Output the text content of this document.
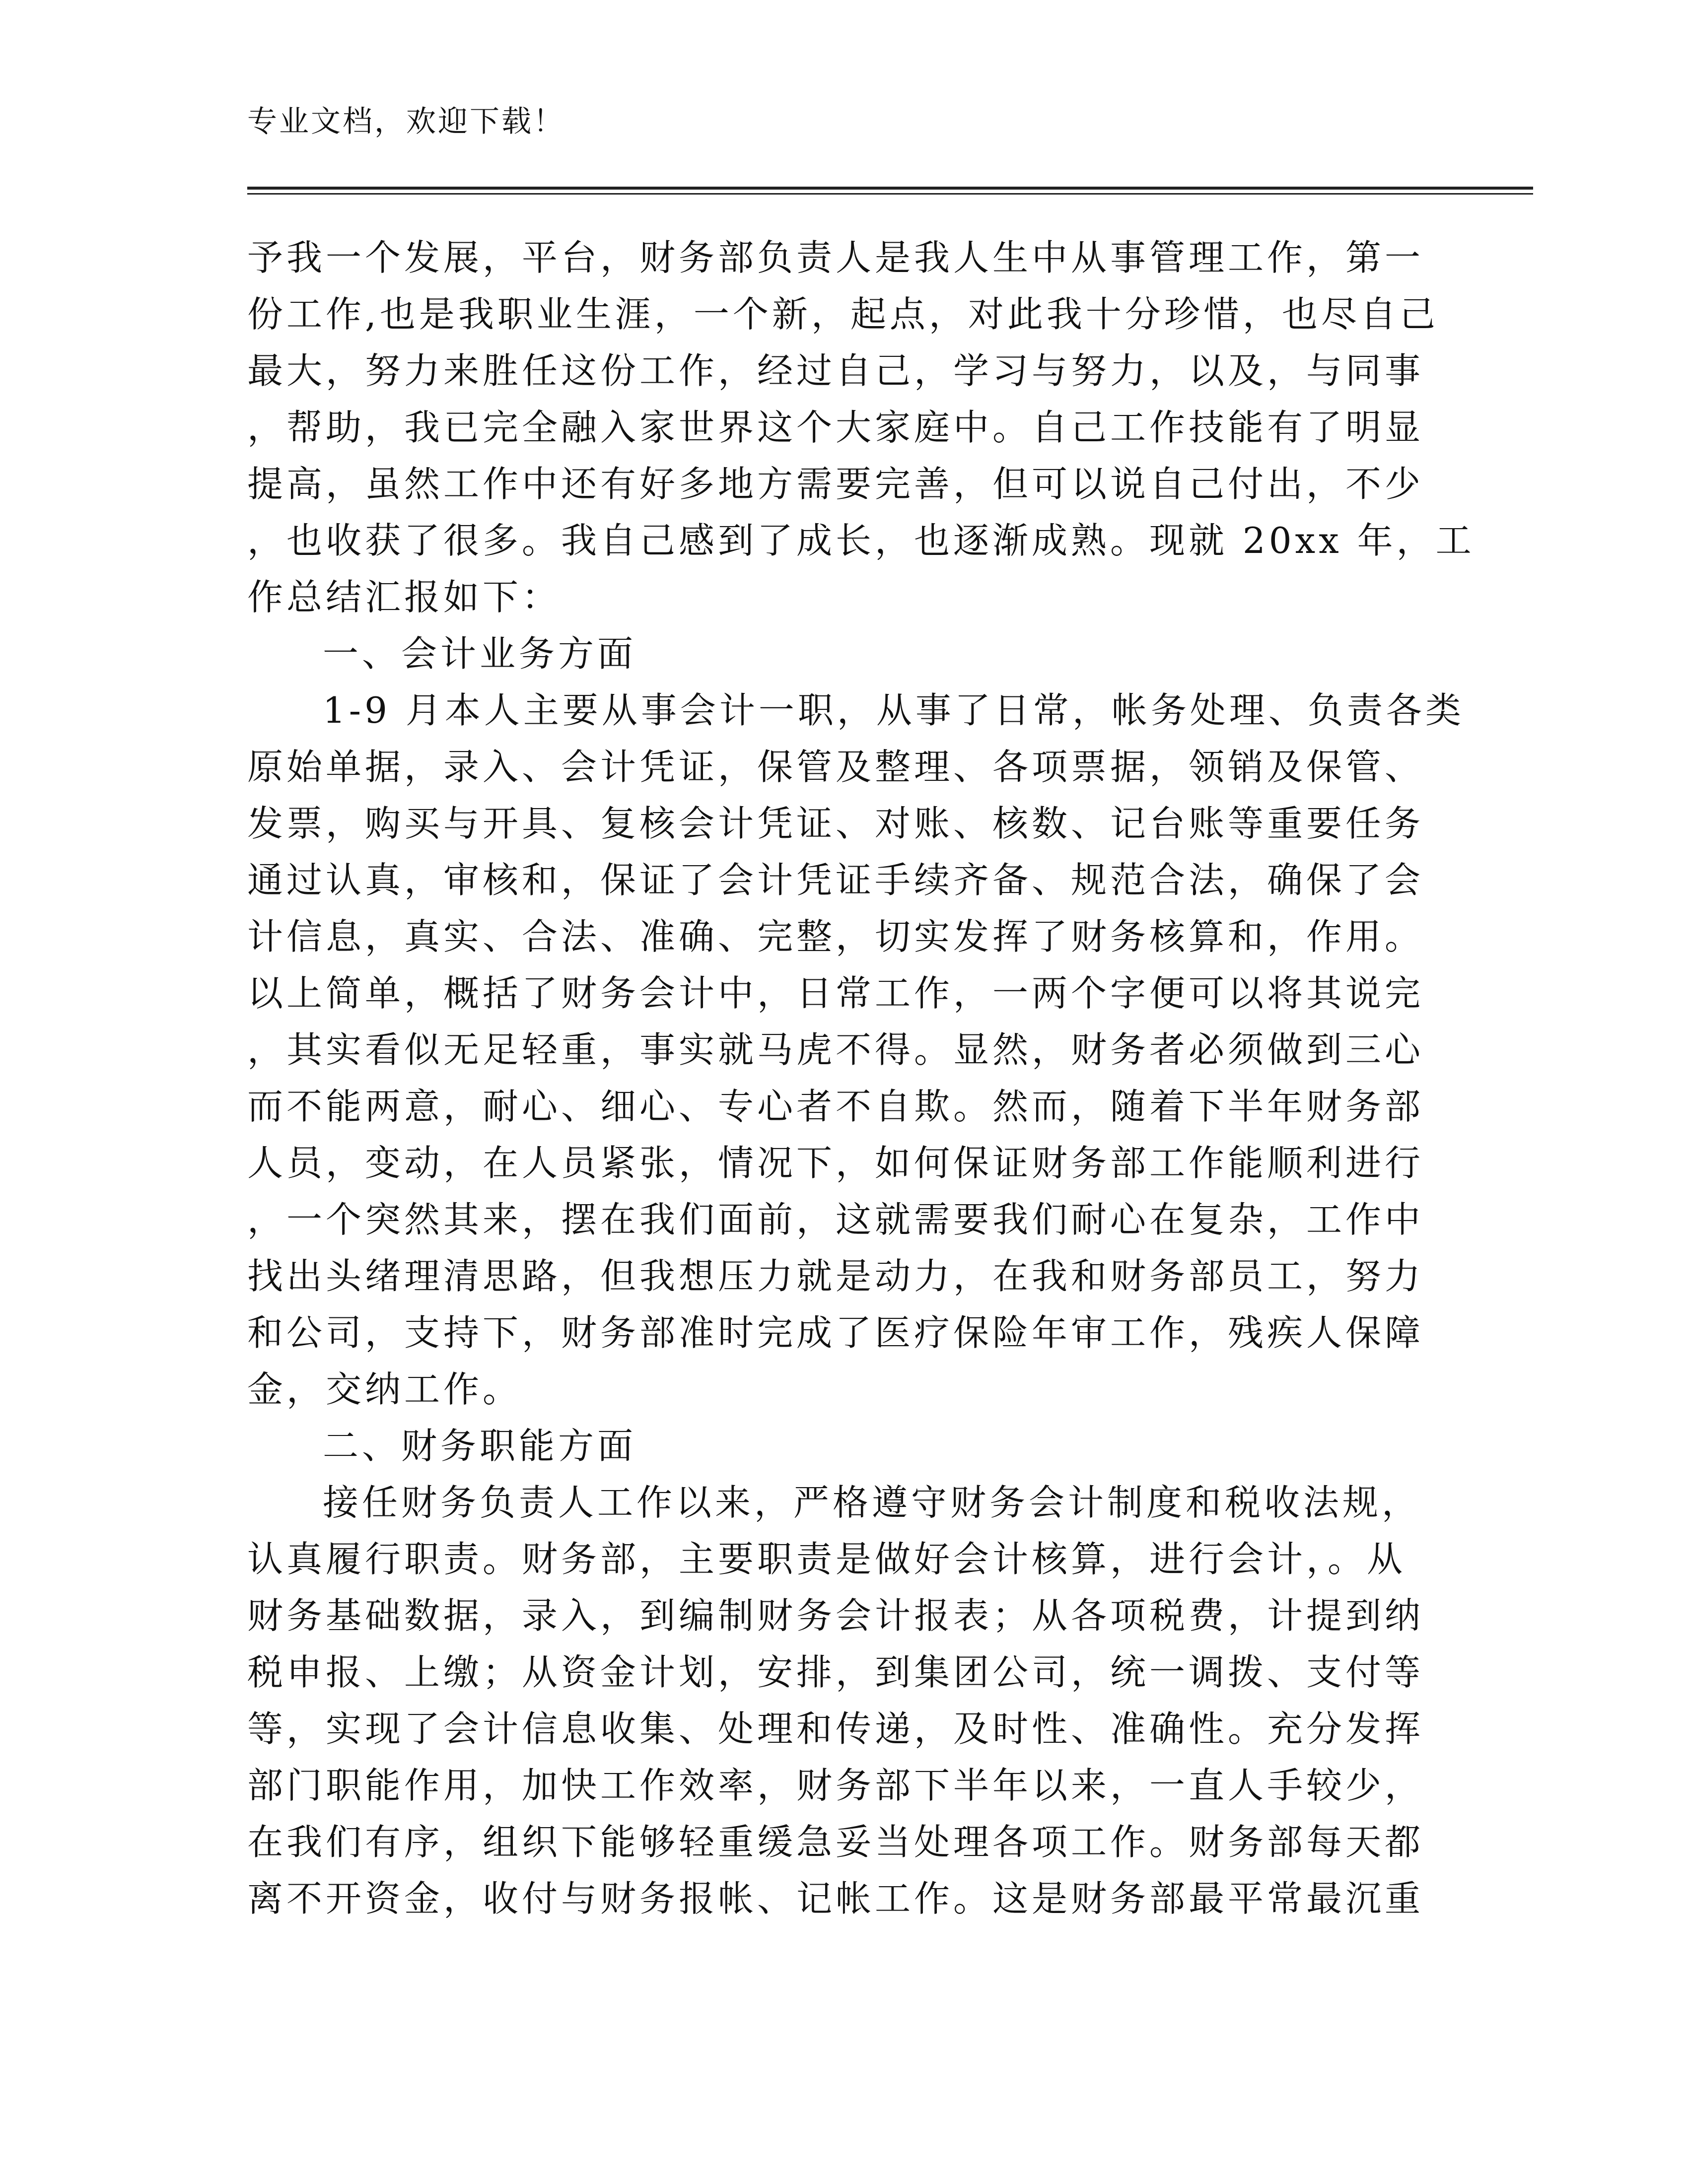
专业文档，欢迎下载！
予我一个发展，平台，财务部负责人是我人生中从事管理工作，第一
份工作,也是我职业生涯，一个新，起点，对此我十分珍惜，也尽自己
最大，努力来胜任这份工作，经过自己，学习与努力，以及，与同事
，帮助，我已完全融入家世界这个大家庭中。自己工作技能有了明显
提高，虽然工作中还有好多地方需要完善，但可以说自己付出，不少
，也收获了很多。我自己感到了成长，也逐渐成熟。现就 20xx 年，工
作总结汇报如下：
一、会计业务方面
1-9 月本人主要从事会计一职，从事了日常，帐务处理、负责各类
原始单据，录入、会计凭证，保管及整理、各项票据，领销及保管、
发票，购买与开具、复核会计凭证、对账、核数、记台账等重要任务
通过认真，审核和，保证了会计凭证手续齐备、规范合法，确保了会
计信息，真实、合法、准确、完整，切实发挥了财务核算和，作用。
以上简单，概括了财务会计中，日常工作，一两个字便可以将其说完
，其实看似无足轻重，事实就马虎不得。显然，财务者必须做到三心
而不能两意，耐心、细心、专心者不自欺。然而，随着下半年财务部
人员，变动，在人员紧张，情况下，如何保证财务部工作能顺利进行
，一个突然其来，摆在我们面前，这就需要我们耐心在复杂，工作中
找出头绪理清思路，但我想压力就是动力，在我和财务部员工，努力
和公司，支持下，财务部准时完成了医疗保险年审工作，残疾人保障
金，交纳工作。
二、财务职能方面
接任财务负责人工作以来，严格遵守财务会计制度和税收法规，
认真履行职责。财务部，主要职责是做好会计核算，进行会计，。从
财务基础数据，录入，到编制财务会计报表；从各项税费，计提到纳
税申报、上缴；从资金计划，安排，到集团公司，统一调拨、支付等
等，实现了会计信息收集、处理和传递，及时性、准确性。充分发挥
部门职能作用，加快工作效率，财务部下半年以来，一直人手较少，
在我们有序，组织下能够轻重缓急妥当处理各项工作。财务部每天都
离不开资金，收付与财务报帐、记帐工作。这是财务部最平常最沉重
